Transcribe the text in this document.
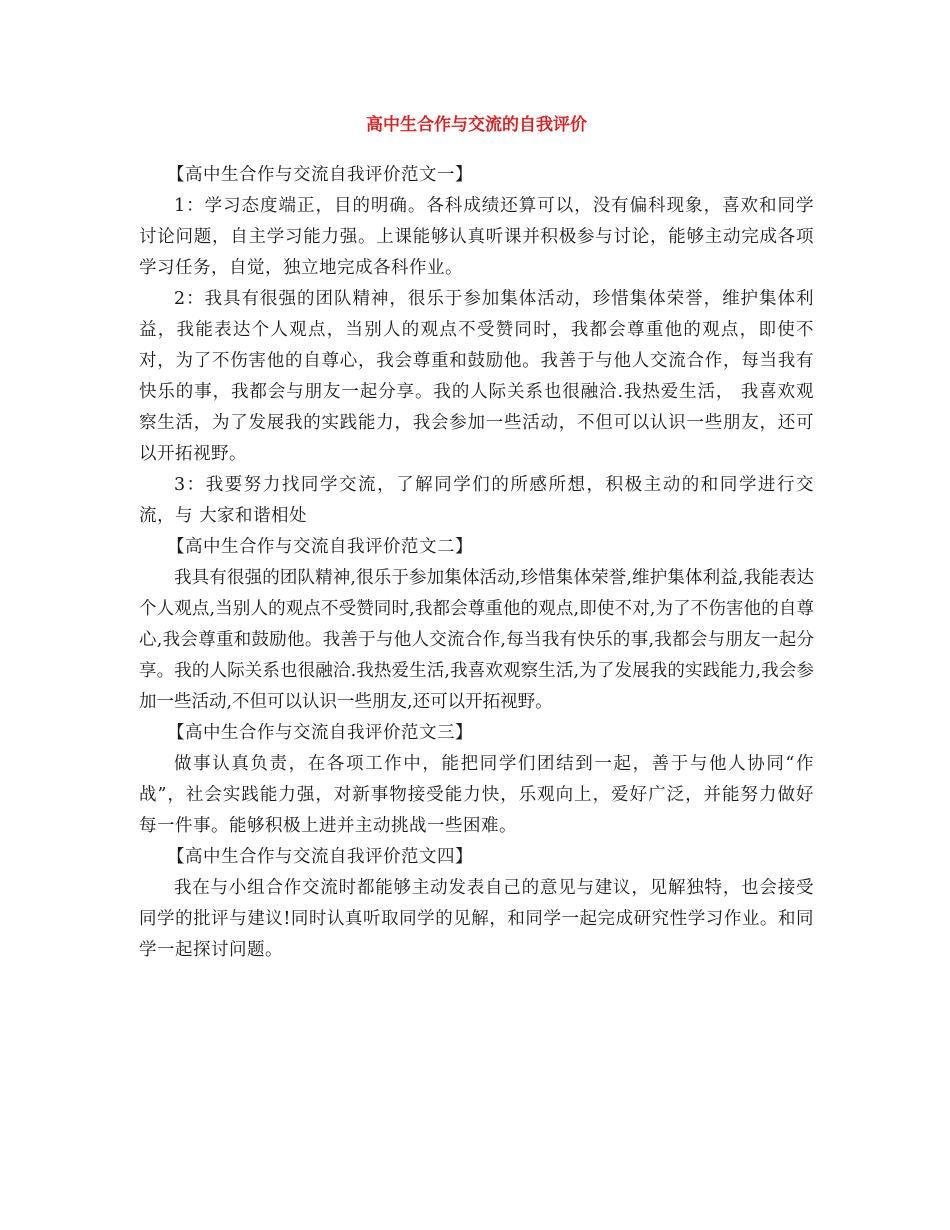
高中生合作与交流的自我评价
【高中生合作与交流自我评价范文一】

1：学习态度端正，目的明确。各科成绩还算可以，没有偏科现象，喜欢和同学讨论问题，自主学习能力强。上课能够认真听课并积极参与讨论，能够主动完成各项学习任务，自觉，独立地完成各科作业。

2：我具有很强的团队精神，很乐于参加集体活动，珍惜集体荣誉，维护集体利益，我能表达个人观点，当别人的观点不受赞同时，我都会尊重他的观点，即使不对，为了不伤害他的自尊心，我会尊重和鼓励他。我善于与他人交流合作，每当我有快乐的事，我都会与朋友一起分享。我的人际关系也很融洽.我热爱生活， 我喜欢观察生活，为了发展我的实践能力，我会参加一些活动，不但可以认识一些朋友，还可以开拓视野。

3：我要努力找同学交流，了解同学们的所感所想，积极主动的和同学进行交流，与 大家和谐相处

【高中生合作与交流自我评价范文二】

我具有很强的团队精神,很乐于参加集体活动,珍惜集体荣誉,维护集体利益,我能表达个人观点,当别人的观点不受赞同时,我都会尊重他的观点,即使不对,为了不伤害他的自尊心,我会尊重和鼓励他。我善于与他人交流合作,每当我有快乐的事,我都会与朋友一起分享。我的人际关系也很融洽.我热爱生活,我喜欢观察生活,为了发展我的实践能力,我会参加一些活动,不但可以认识一些朋友,还可以开拓视野。

【高中生合作与交流自我评价范文三】

做事认真负责，在各项工作中，能把同学们团结到一起，善于与他人协同“作战”，社会实践能力强，对新事物接受能力快，乐观向上，爱好广泛，并能努力做好每一件事。能够积极上进并主动挑战一些困难。

【高中生合作与交流自我评价范文四】

我在与小组合作交流时都能够主动发表自己的意见与建议，见解独特，也会接受同学的批评与建议!同时认真听取同学的见解，和同学一起完成研究性学习作业。和同学一起探讨问题。
